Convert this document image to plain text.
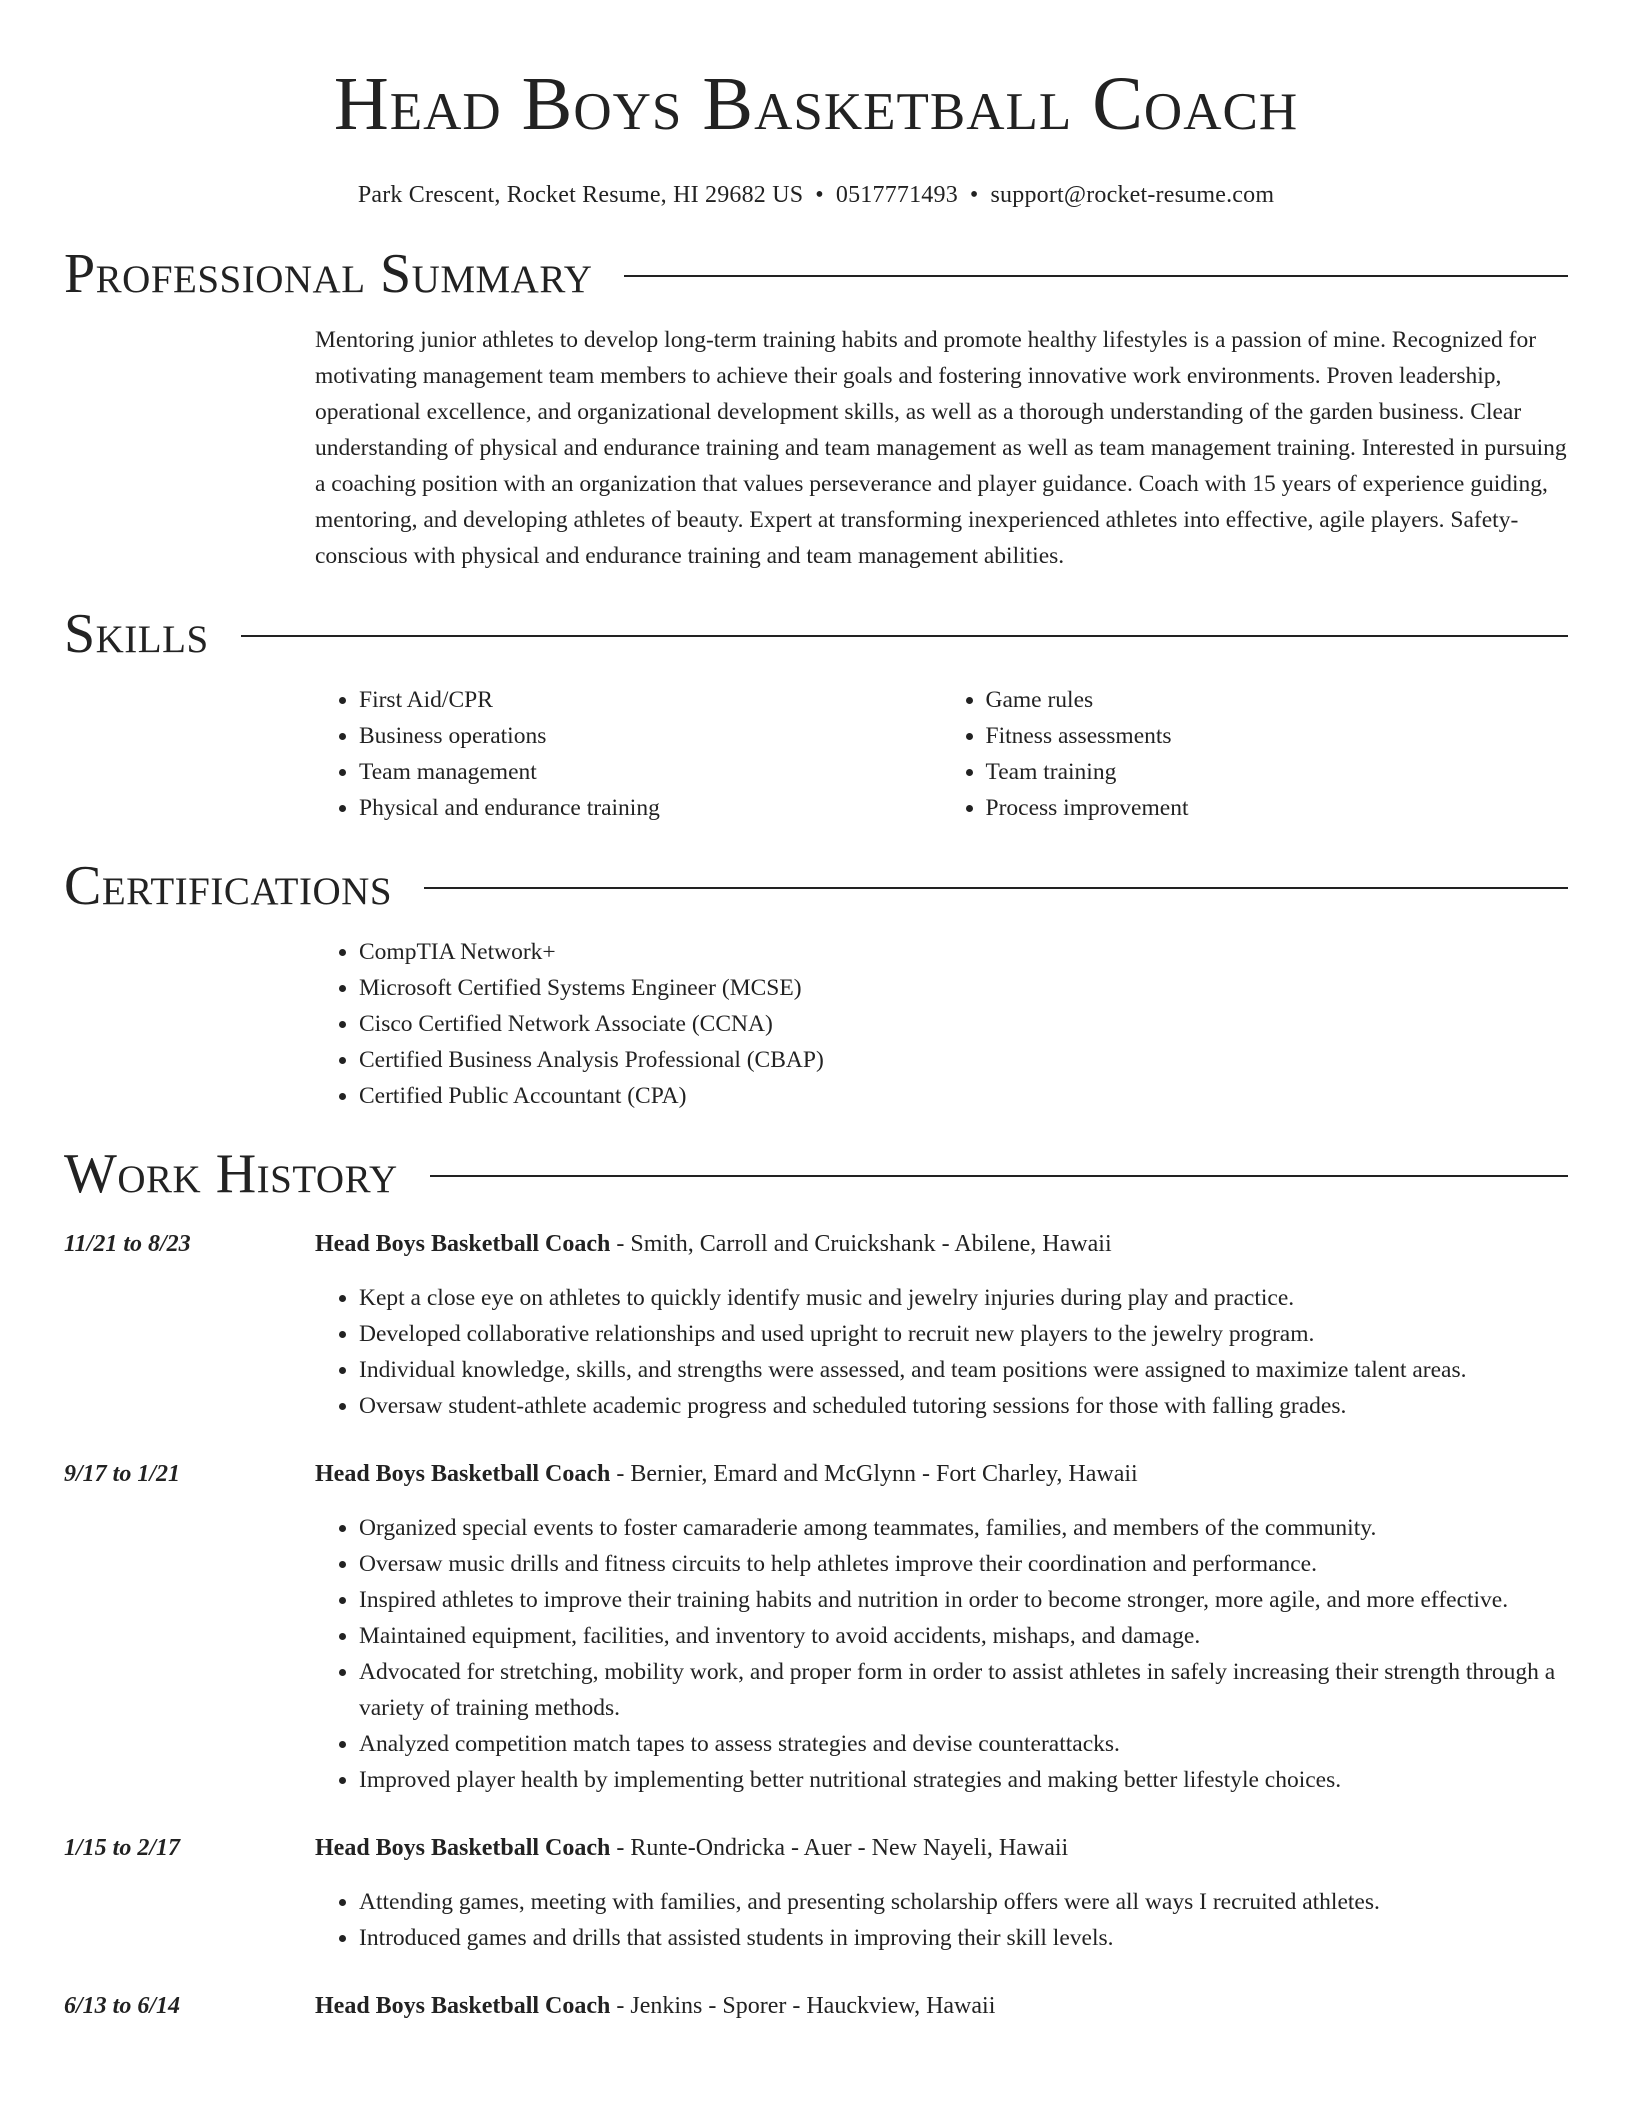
Head Boys Basketball Coach
Park Crescent, Rocket Resume, HI 29682 US • 0517771493 • support@rocket-resume.com
Professional Summary
Mentoring junior athletes to develop long-term training habits and promote healthy lifestyles is a passion of mine. Recognized for motivating management team members to achieve their goals and fostering innovative work environments. Proven leadership, operational excellence, and organizational development skills, as well as a thorough understanding of the garden business. Clear understanding of physical and endurance training and team management as well as team management training. Interested in pursuing a coaching position with an organization that values perseverance and player guidance. Coach with 15 years of experience guiding, mentoring, and developing athletes of beauty. Expert at transforming inexperienced athletes into effective, agile players. Safety-conscious with physical and endurance training and team management abilities.
Skills
• First Aid/CPR
• Business operations
• Team management
• Physical and endurance training
• Game rules
• Fitness assessments
• Team training
• Process improvement
Certifications
• CompTIA Network+
• Microsoft Certified Systems Engineer (MCSE)
• Cisco Certified Network Associate (CCNA)
• Certified Business Analysis Professional (CBAP)
• Certified Public Accountant (CPA)
Work History
11/21 to 8/23	Head Boys Basketball Coach - Smith, Carroll and Cruickshank - Abilene, Hawaii
• Kept a close eye on athletes to quickly identify music and jewelry injuries during play and practice.
• Developed collaborative relationships and used upright to recruit new players to the jewelry program.
• Individual knowledge, skills, and strengths were assessed, and team positions were assigned to maximize talent areas.
• Oversaw student-athlete academic progress and scheduled tutoring sessions for those with falling grades.
9/17 to 1/21	Head Boys Basketball Coach - Bernier, Emard and McGlynn - Fort Charley, Hawaii
• Organized special events to foster camaraderie among teammates, families, and members of the community.
• Oversaw music drills and fitness circuits to help athletes improve their coordination and performance.
• Inspired athletes to improve their training habits and nutrition in order to become stronger, more agile, and more effective.
• Maintained equipment, facilities, and inventory to avoid accidents, mishaps, and damage.
• Advocated for stretching, mobility work, and proper form in order to assist athletes in safely increasing their strength through a variety of training methods.
• Analyzed competition match tapes to assess strategies and devise counterattacks.
• Improved player health by implementing better nutritional strategies and making better lifestyle choices.
1/15 to 2/17	Head Boys Basketball Coach - Runte-Ondricka - Auer - New Nayeli, Hawaii
• Attending games, meeting with families, and presenting scholarship offers were all ways I recruited athletes.
• Introduced games and drills that assisted students in improving their skill levels.
6/13 to 6/14	Head Boys Basketball Coach - Jenkins - Sporer - Hauckview, Hawaii
